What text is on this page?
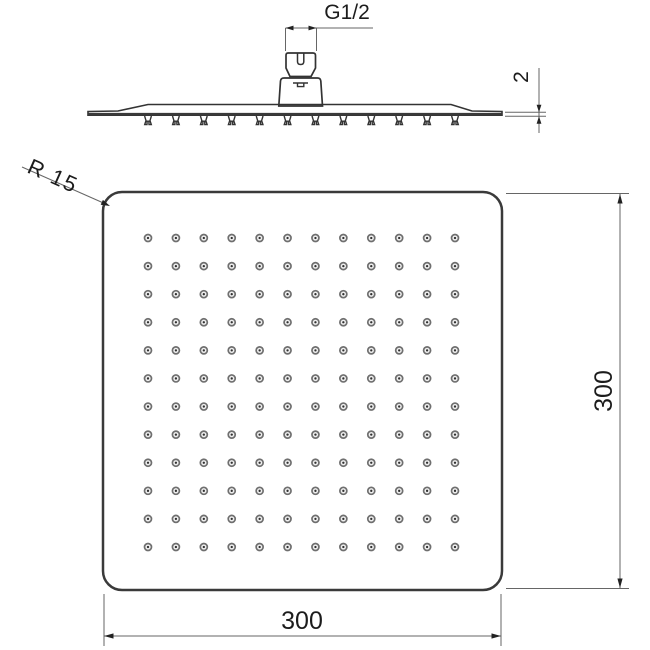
G1/2
2
R 15
300
300
